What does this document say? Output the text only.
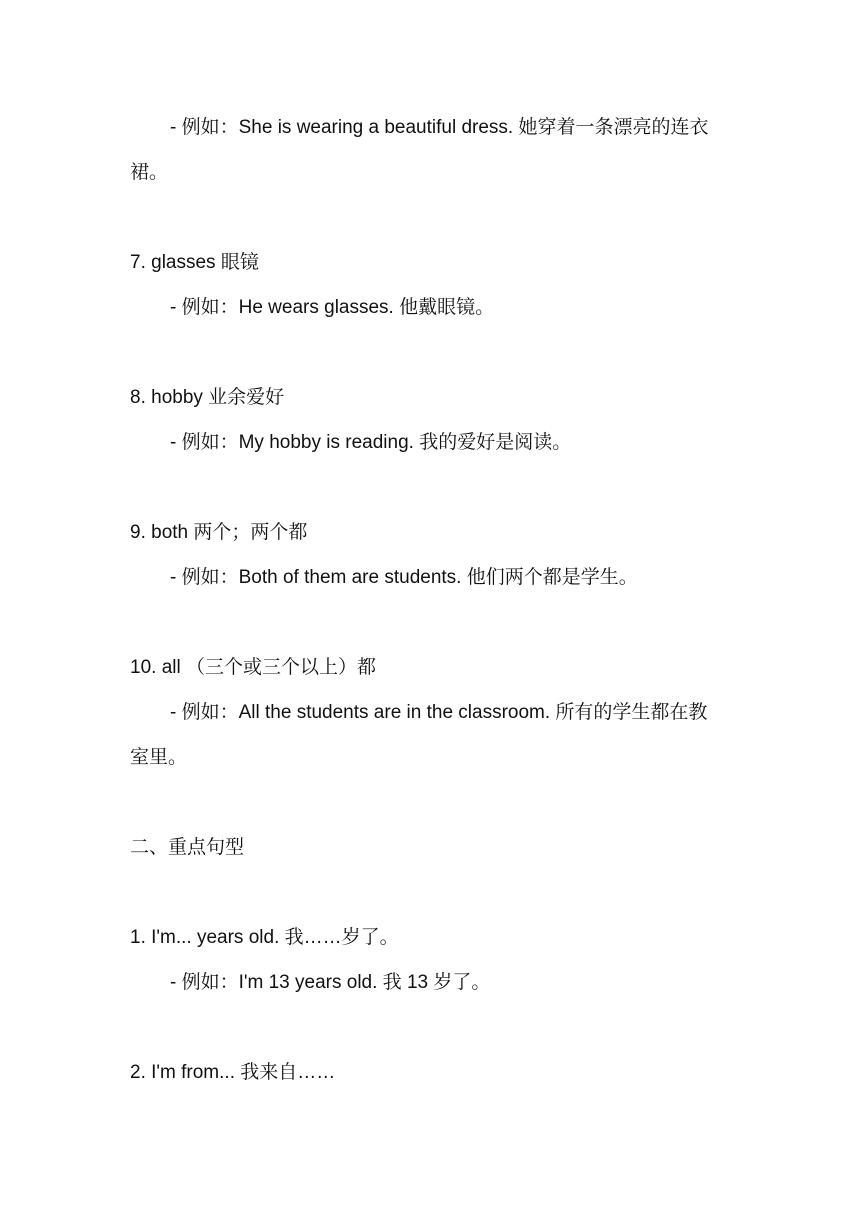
- 例如：She is wearing a beautiful dress. 她穿着一条漂亮的连衣
裙。
7. glasses 眼镜
- 例如：He wears glasses. 他戴眼镜。
8. hobby 业余爱好
- 例如：My hobby is reading. 我的爱好是阅读。
9. both 两个；两个都
- 例如：Both of them are students. 他们两个都是学生。
10. all （三个或三个以上）都
- 例如：All the students are in the classroom. 所有的学生都在教
室里。
二、重点句型
1. I'm... years old. 我……岁了。
- 例如：I'm 13 years old. 我 13 岁了。
2. I'm from... 我来自……
